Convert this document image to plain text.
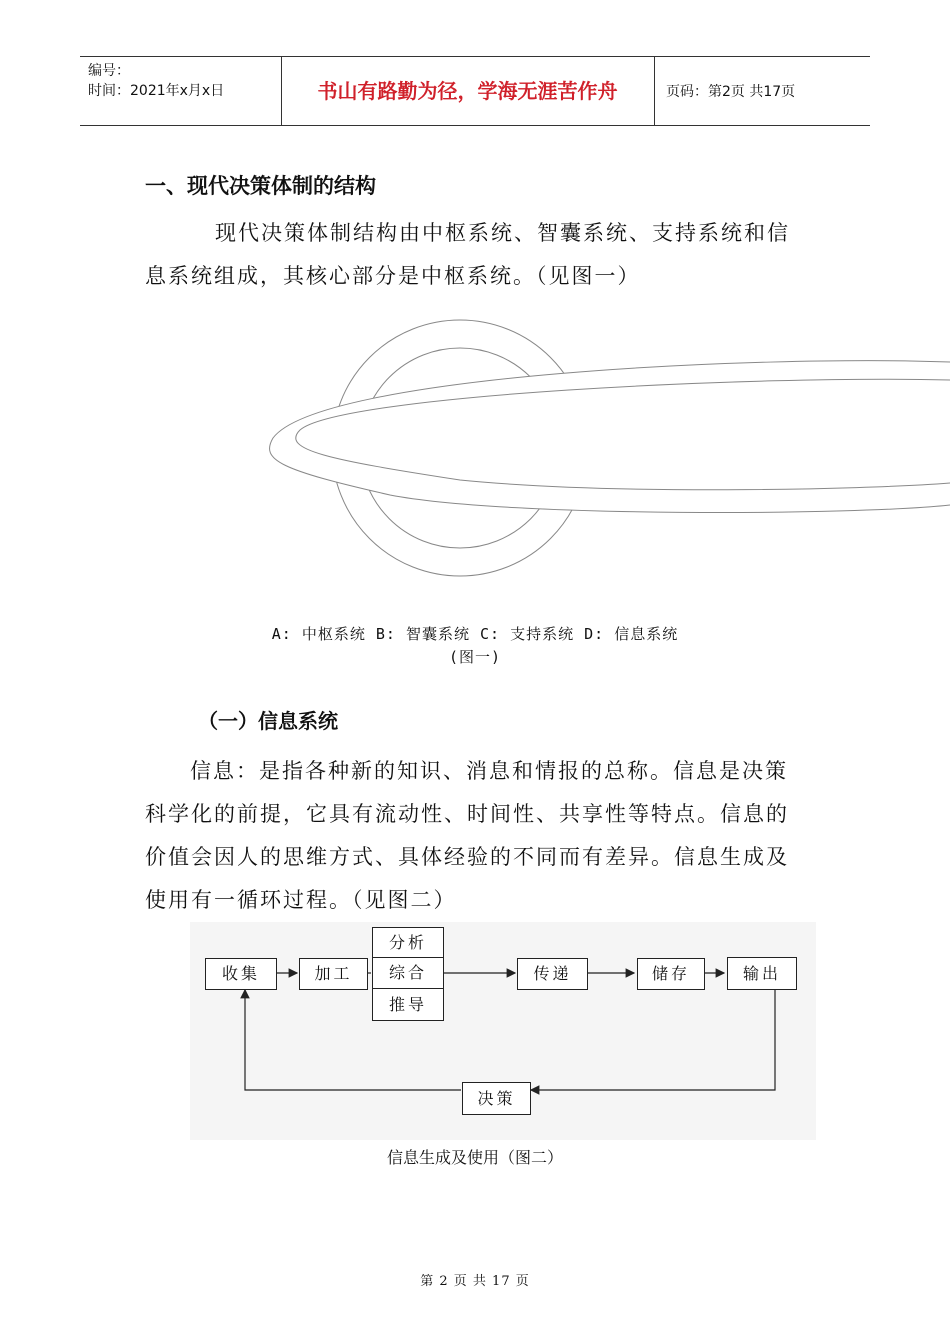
编号：
时间：2021年x月x日	书山有路勤为径，学海无涯苦作舟	页码：第2页 共17页
一、现代决策体制的结构
现代决策体制结构由中枢系统、智囊系统、支持系统和信息系统组成，其核心部分是中枢系统。（见图一）
A: 中枢系统 B: 智囊系统 C: 支持系统 D: 信息系统
(图一)
（一）信息系统
信息：是指各种新的知识、消息和情报的总称。信息是决策科学化的前提，它具有流动性、时间性、共享性等特点。信息的价值会因人的思维方式、具体经验的不同而有差异。信息生成及使用有一循环过程。（见图二）
收集	加工
分析
综合
推导
传递	储存	输出
决策
信息生成及使用（图二）
第 2 页 共 17 页
